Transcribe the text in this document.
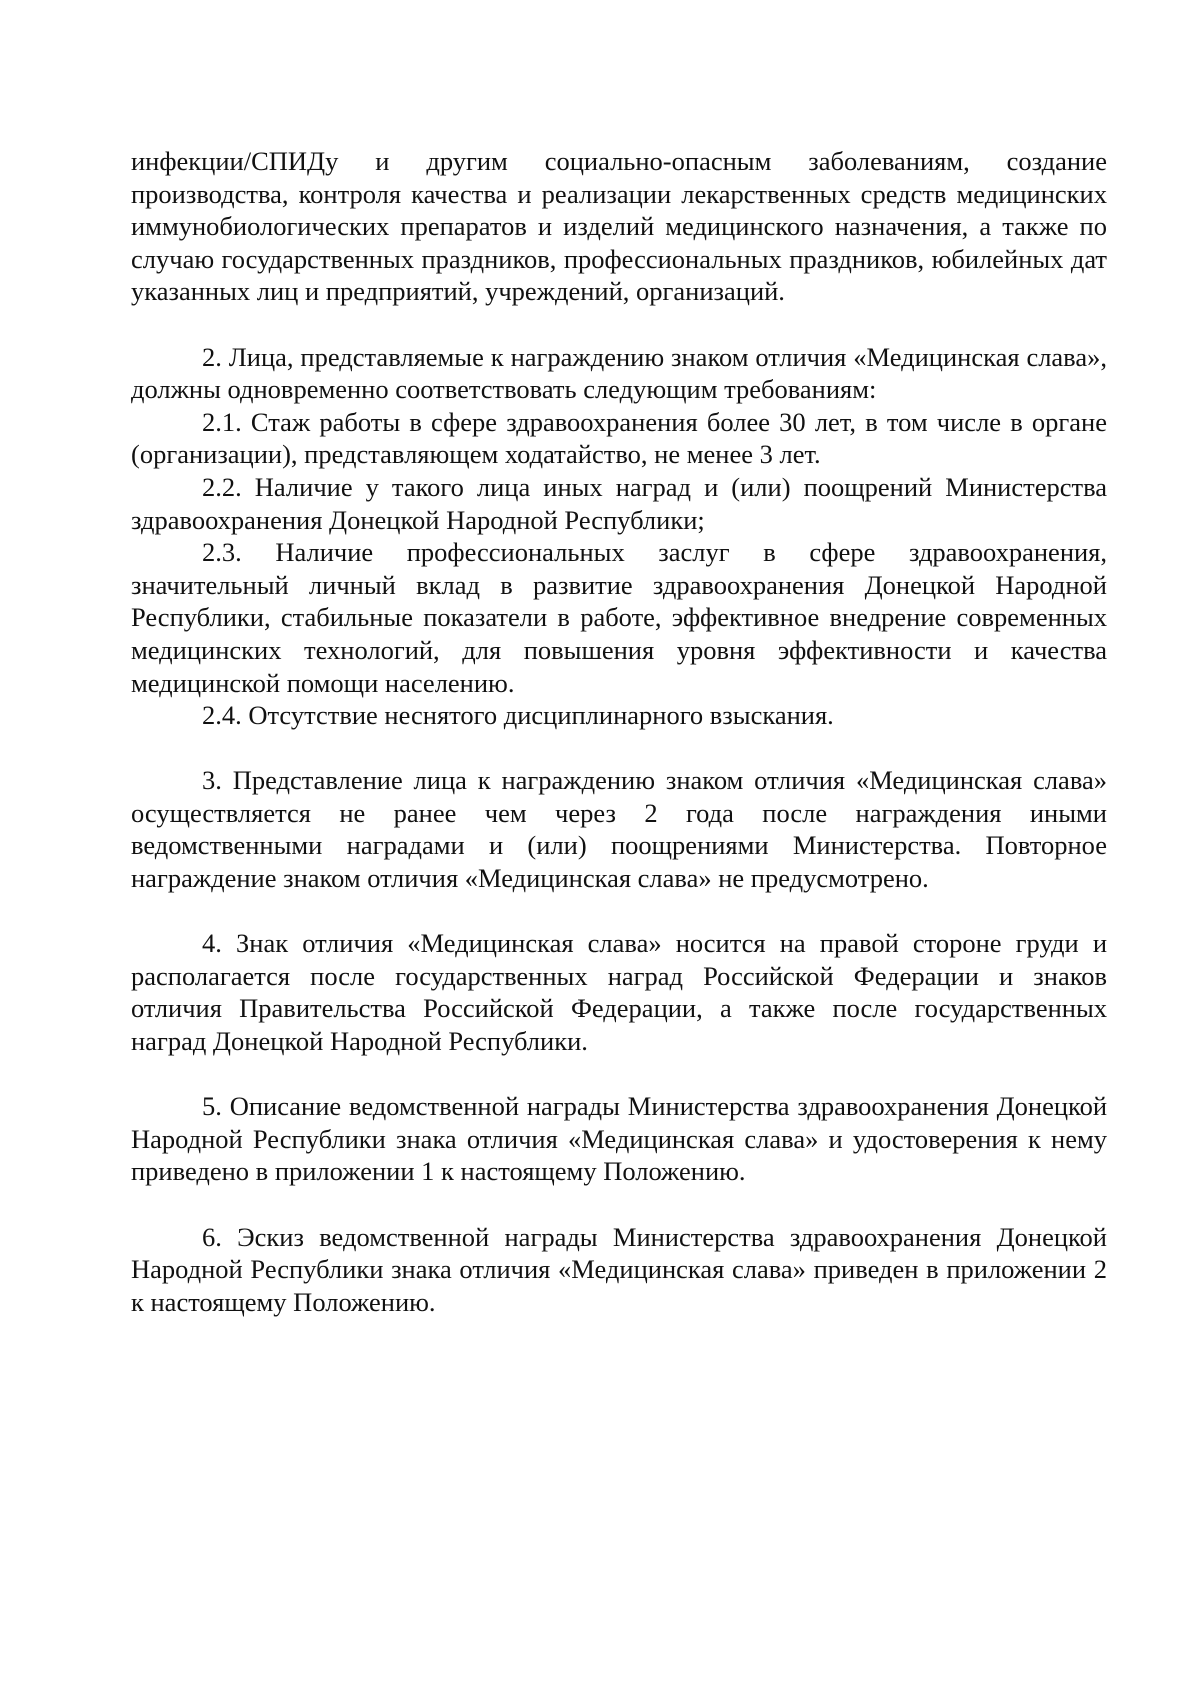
инфекции/СПИДу и другим социально-опасным заболеваниям, создание производства, контроля качества и реализации лекарственных средств медицинских иммунобиологических препаратов и изделий медицинского назначения, а также по случаю государственных праздников, профессиональных праздников, юбилейных дат указанных лиц и предприятий, учреждений, организаций.

2. Лица, представляемые к награждению знаком отличия «Медицинская слава», должны одновременно соответствовать следующим требованиям:

2.1. Стаж работы в сфере здравоохранения более 30 лет, в том числе в органе (организации), представляющем ходатайство, не менее 3 лет.

2.2. Наличие у такого лица иных наград и (или) поощрений Министерства здравоохранения Донецкой Народной Республики;

2.3. Наличие профессиональных заслуг в сфере здравоохранения, значительный личный вклад в развитие здравоохранения Донецкой Народной Республики, стабильные показатели в работе, эффективное внедрение современных медицинских технологий, для повышения уровня эффективности и качества медицинской помощи населению.

2.4. Отсутствие неснятого дисциплинарного взыскания.

3. Представление лица к награждению знаком отличия «Медицинская слава» осуществляется не ранее чем через 2 года после награждения иными ведомственными наградами и (или) поощрениями Министерства. Повторное награждение знаком отличия «Медицинская слава» не предусмотрено.

4. Знак отличия «Медицинская слава» носится на правой стороне груди и располагается после государственных наград Российской Федерации и знаков отличия Правительства Российской Федерации, а также после государственных наград Донецкой Народной Республики.

5. Описание ведомственной награды Министерства здравоохранения Донецкой Народной Республики знака отличия «Медицинская слава» и удостоверения к нему приведено в приложении 1 к настоящему Положению.

6. Эскиз ведомственной награды Министерства здравоохранения Донецкой Народной Республики знака отличия «Медицинская слава» приведен в приложении 2 к настоящему Положению.
